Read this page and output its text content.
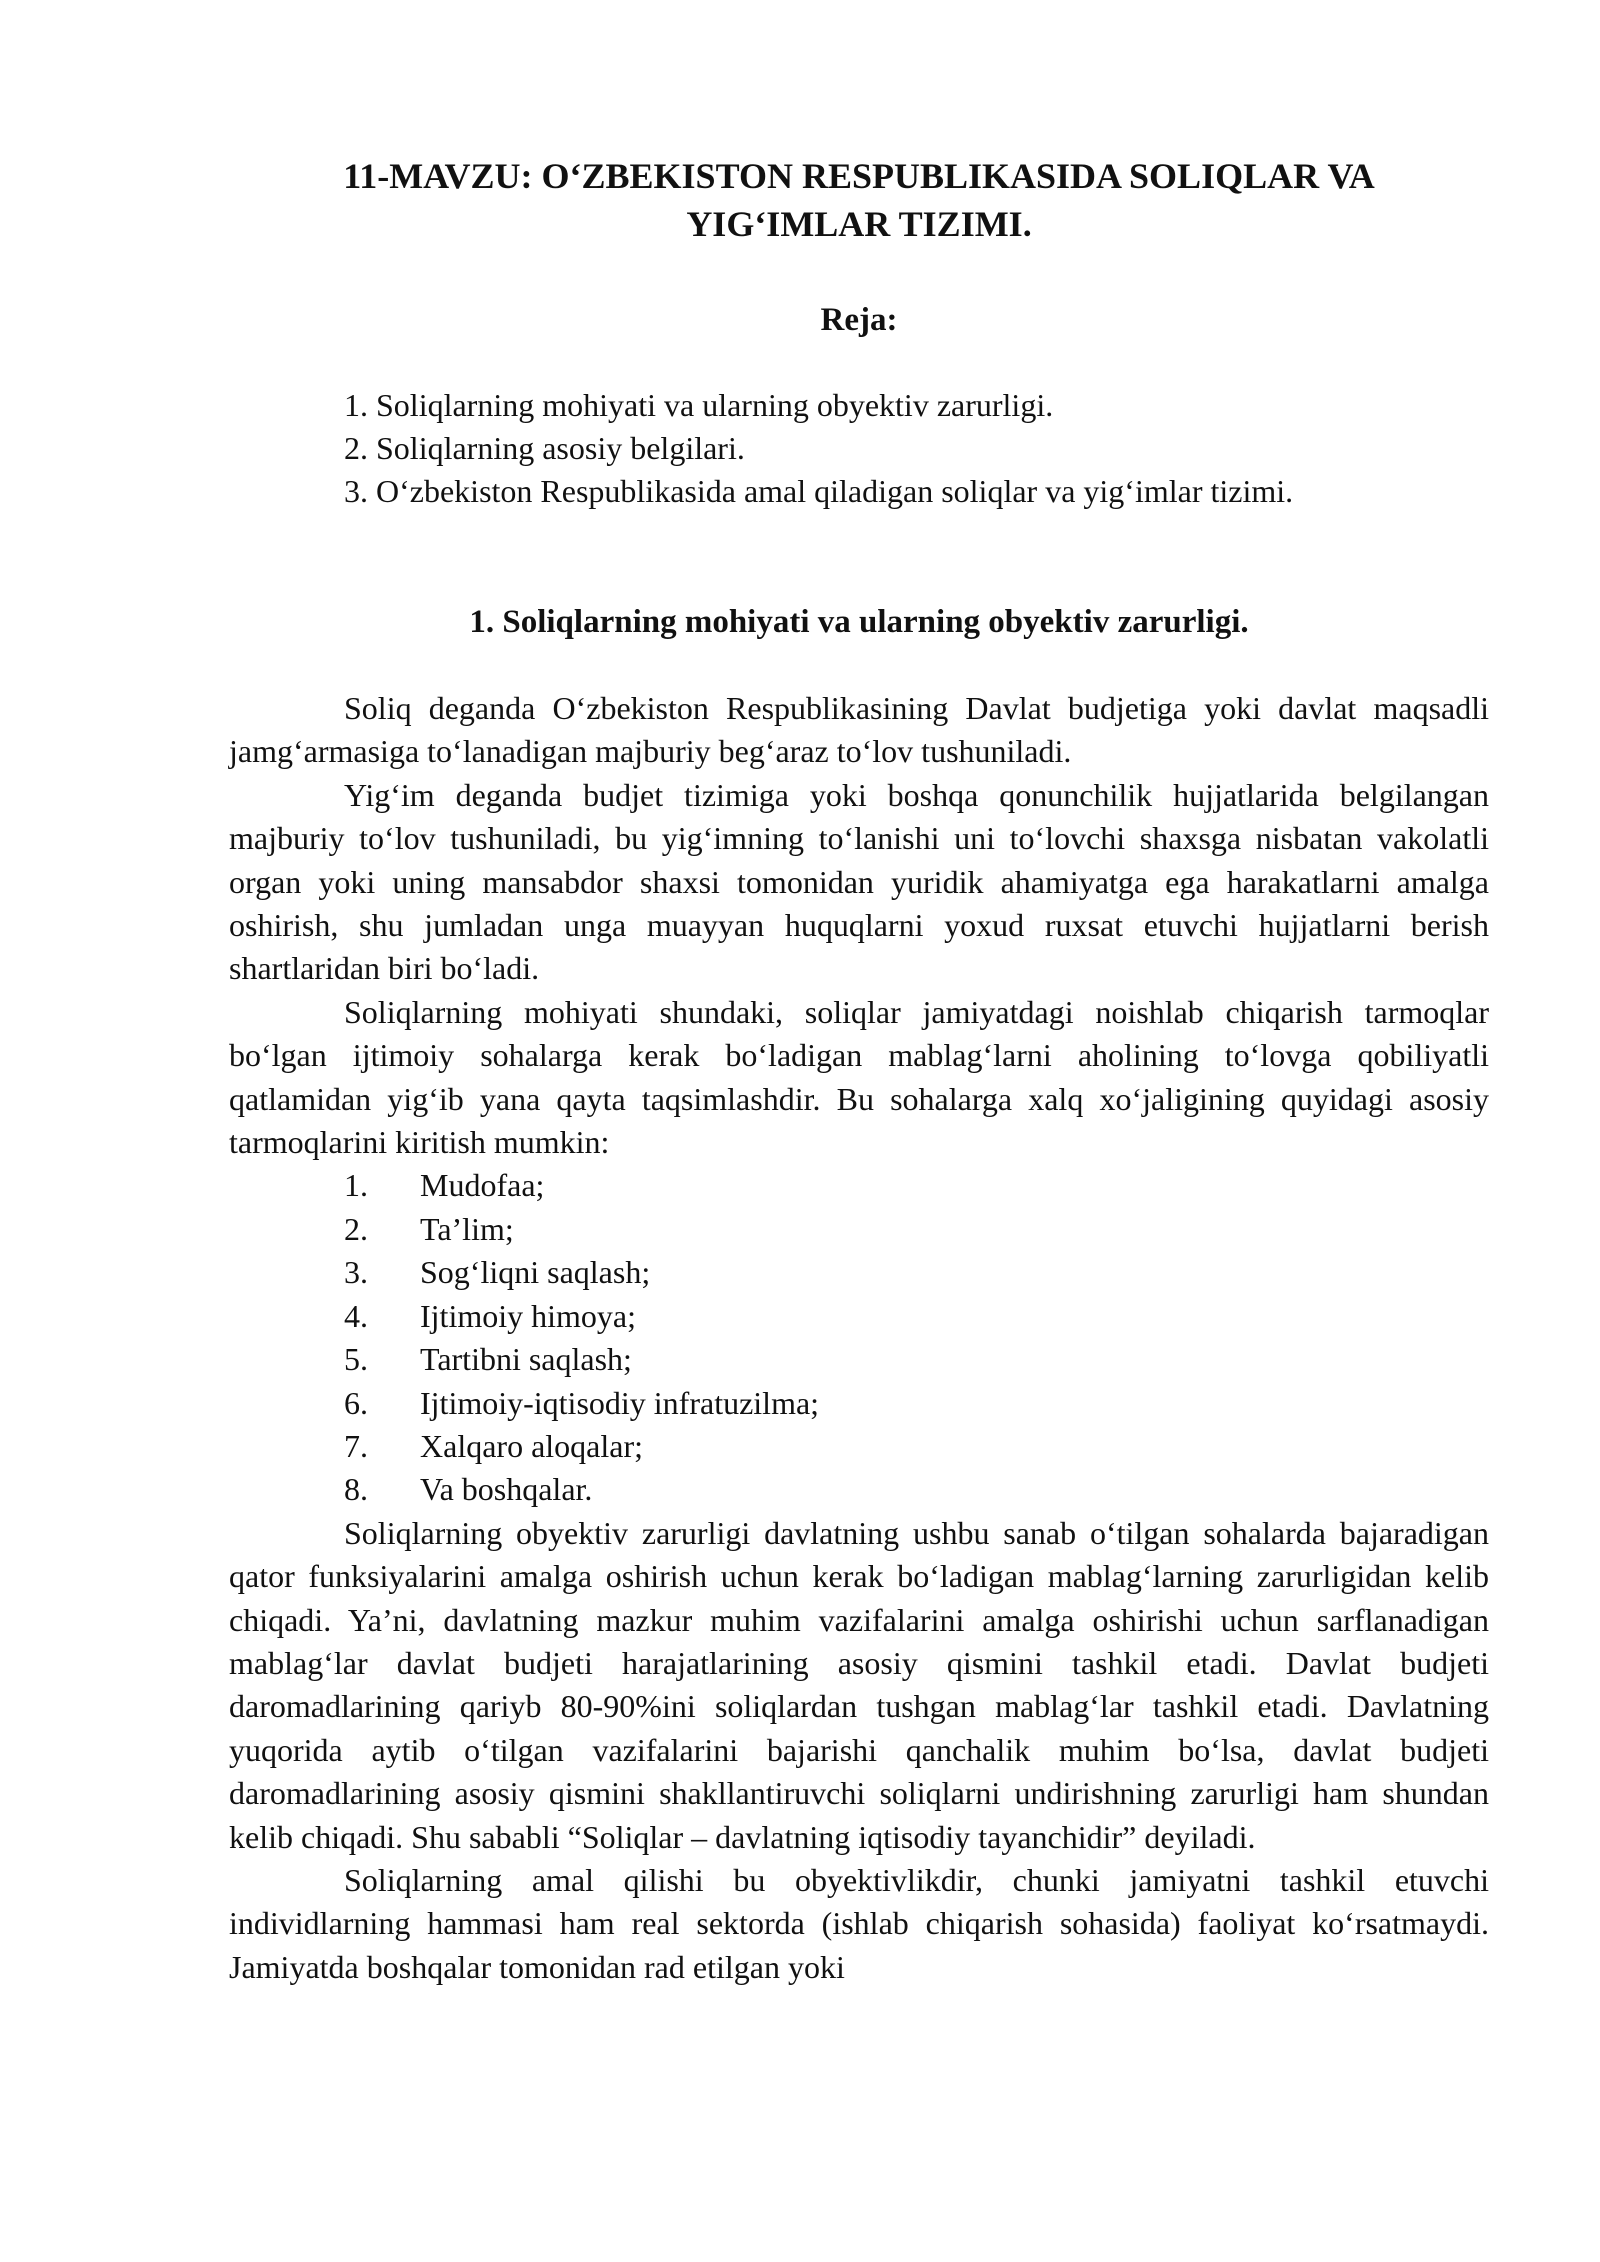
11-MAVZU: O‘ZBEKISTON RESPUBLIKASIDA SOLIQLAR VA
YIG‘IMLAR TIZIMI.
Reja:
1. Soliqlarning mohiyati va ularning obyektiv zarurligi.
2. Soliqlarning asosiy belgilari.
3. O‘zbekiston Respublikasida amal qiladigan soliqlar va yig‘imlar tizimi.
1. Soliqlarning mohiyati va ularning obyektiv zarurligi.

Soliq deganda O‘zbekiston Respublikasining Davlat budjetiga yoki davlat maqsadli jamg‘armasiga to‘lanadigan majburiy beg‘araz to‘lov tushuniladi.

Yig‘im deganda budjet tizimiga yoki boshqa qonunchilik hujjatlarida belgilangan majburiy to‘lov tushuniladi, bu yig‘imning to‘lanishi uni to‘lovchi shaxsga nisbatan vakolatli organ yoki uning mansabdor shaxsi tomonidan yuridik ahamiyatga ega harakatlarni amalga oshirish, shu jumladan unga muayyan huquqlarni yoxud ruxsat etuvchi hujjatlarni berish shartlaridan biri bo‘ladi.

Soliqlarning mohiyati shundaki, soliqlar jamiyatdagi noishlab chiqarish tarmoqlar bo‘lgan ijtimoiy sohalarga kerak bo‘ladigan mablag‘larni aholining to‘lovga qobiliyatli qatlamidan yig‘ib yana qayta taqsimlashdir. Bu sohalarga xalq xo‘jaligining quyidagi asosiy tarmoqlarini kiritish mumkin:

1. Mudofaa;
2. Ta’lim;
3. Sog‘liqni saqlash;
4. Ijtimoiy himoya;
5. Tartibni saqlash;
6. Ijtimoiy-iqtisodiy infratuzilma;
7. Xalqaro aloqalar;
8. Va boshqalar.

Soliqlarning obyektiv zarurligi davlatning ushbu sanab o‘tilgan sohalarda bajaradigan qator funksiyalarini amalga oshirish uchun kerak bo‘ladigan mablag‘larning zarurligidan kelib chiqadi. Ya’ni, davlatning mazkur muhim vazifalarini amalga oshirishi uchun sarflanadigan mablag‘lar davlat budjeti harajatlarining asosiy qismini tashkil etadi. Davlat budjeti daromadlarining qariyb 80-90%ini soliqlardan tushgan mablag‘lar tashkil etadi. Davlatning yuqorida aytib o‘tilgan vazifalarini bajarishi qanchalik muhim bo‘lsa, davlat budjeti daromadlarining asosiy qismini shakllantiruvchi soliqlarni undirishning zarurligi ham shundan kelib chiqadi. Shu sababli “Soliqlar – davlatning iqtisodiy tayanchidir” deyiladi.

Soliqlarning amal qilishi bu obyektivlikdir, chunki jamiyatni tashkil etuvchi individlarning hammasi ham real sektorda (ishlab chiqarish sohasida) faoliyat ko‘rsatmaydi. Jamiyatda boshqalar tomonidan rad etilgan yoki
